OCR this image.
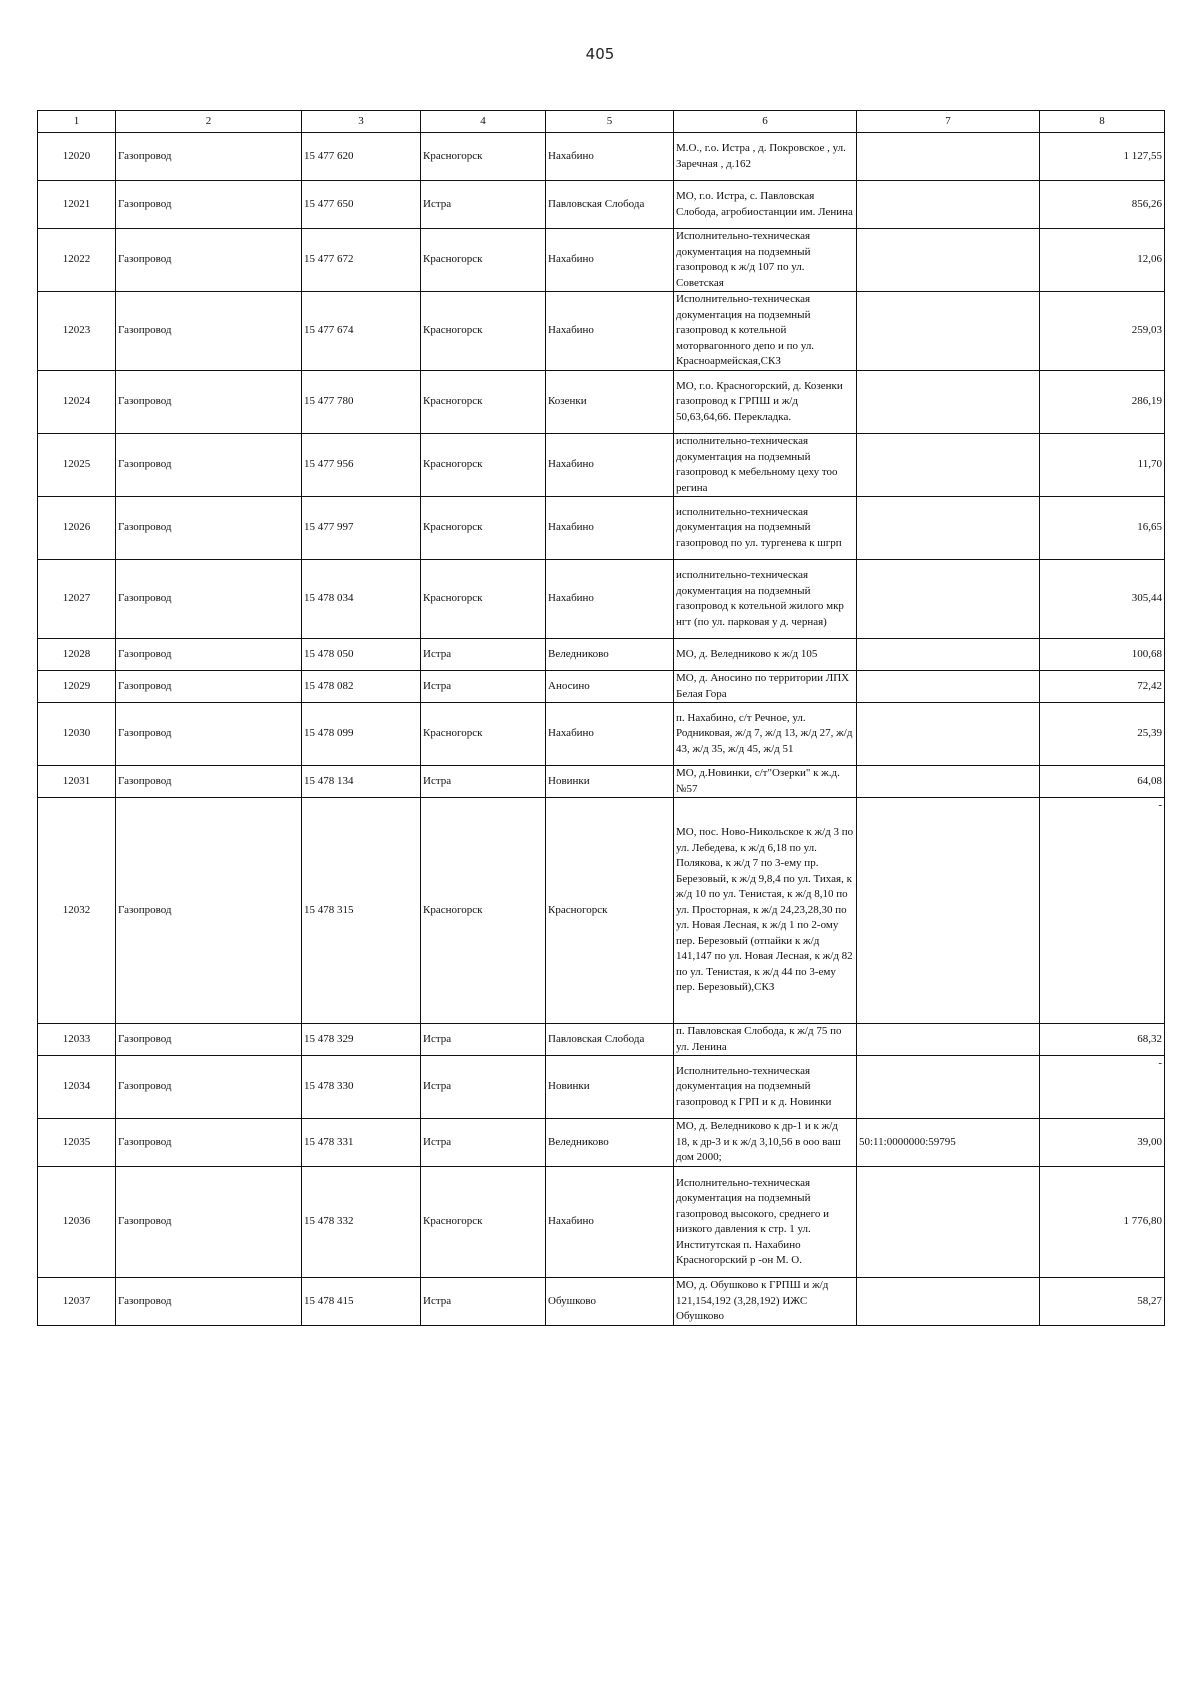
405
1	2	3	4	5	6	7	8
12020	Газопровод	15 477 620	Красногорск	Нахабино	М.О., г.о. Истра , д. Покровское , ул. Заречная , д.162		1 127,55
12021	Газопровод	15 477 650	Истра	Павловская Слобода	МО, г.о. Истра, с. Павловская Слобода, агробиостанции им. Ленина		856,26
12022	Газопровод	15 477 672	Красногорск	Нахабино	Исполнительно-техническая документация на подземный газопровод к ж/д 107 по ул. Советская		12,06
12023	Газопровод	15 477 674	Красногорск	Нахабино	Исполнительно-техническая документация на подземный газопровод к котельной моторвагонного депо и по ул. Красноармейская,СКЗ		259,03
12024	Газопровод	15 477 780	Красногорск	Козенки	МО, г.о. Красногорский, д. Козенки газопровод к ГРПШ и ж/д 50,63,64,66. Перекладка.		286,19
12025	Газопровод	15 477 956	Красногорск	Нахабино	исполнительно-техническая документация на подземный газопровод к мебельному цеху тоо регина		11,70
12026	Газопровод	15 477 997	Красногорск	Нахабино	исполнительно-техническая документация на подземный газопровод по ул. тургенева к шгрп		16,65
12027	Газопровод	15 478 034	Красногорск	Нахабино	исполнительно-техническая документация на подземный газопровод к котельной жилого мкр нгт (по ул. парковая у д. черная)		305,44
12028	Газопровод	15 478 050	Истра	Веледниково	МО, д. Веледниково к ж/д 105		100,68
12029	Газопровод	15 478 082	Истра	Аносино	МО, д. Аносино по территории ЛПХ Белая Гора		72,42
12030	Газопровод	15 478 099	Красногорск	Нахабино	п. Нахабино, с/т Речное, ул. Родниковая, ж/д 7, ж/д 13, ж/д 27, ж/д 43, ж/д 35, ж/д 45, ж/д 51		25,39
12031	Газопровод	15 478 134	Истра	Новинки	МО, д.Новинки, с/т"Озерки" к ж.д.№57		64,08
12032	Газопровод	15 478 315	Красногорск	Красногорск	МО, пос. Ново-Никольское к ж/д 3 по ул. Лебедева, к ж/д 6,18 по ул. Полякова, к ж/д 7 по 3-ему пр. Березовый, к ж/д 9,8,4 по ул. Тихая, к ж/д 10 по ул. Тенистая, к ж/д 8,10 по ул. Просторная, к ж/д 24,23,28,30 по ул. Новая Лесная, к ж/д 1 по 2-ому пер. Березовый (отпайки к ж/д 141,147 по ул. Новая Лесная, к ж/д 82 по ул. Тенистая, к ж/д 44 по 3-ему пер. Березовый),СКЗ		-
12033	Газопровод	15 478 329	Истра	Павловская Слобода	п. Павловская Слобода, к ж/д 75 по ул. Ленина		68,32
12034	Газопровод	15 478 330	Истра	Новинки	Исполнительно-техническая документация на подземный газопровод к ГРП и к д. Новинки		-
12035	Газопровод	15 478 331	Истра	Веледниково	МО, д. Веледниково к др-1 и к ж/д 18, к др-3 и к ж/д 3,10,56 в ооо ваш дом 2000;	50:11:0000000:59795	39,00
12036	Газопровод	15 478 332	Красногорск	Нахабино	Исполнительно-техническая документация на подземный газопровод высокого, среднего и низкого давления к стр. 1 ул. Институтская п. Нахабино Красногорский р -он М. О.		1 776,80
12037	Газопровод	15 478 415	Истра	Обушково	МО, д. Обушково к ГРПШ и ж/д 121,154,192 (3,28,192) ИЖС Обушково		58,27
